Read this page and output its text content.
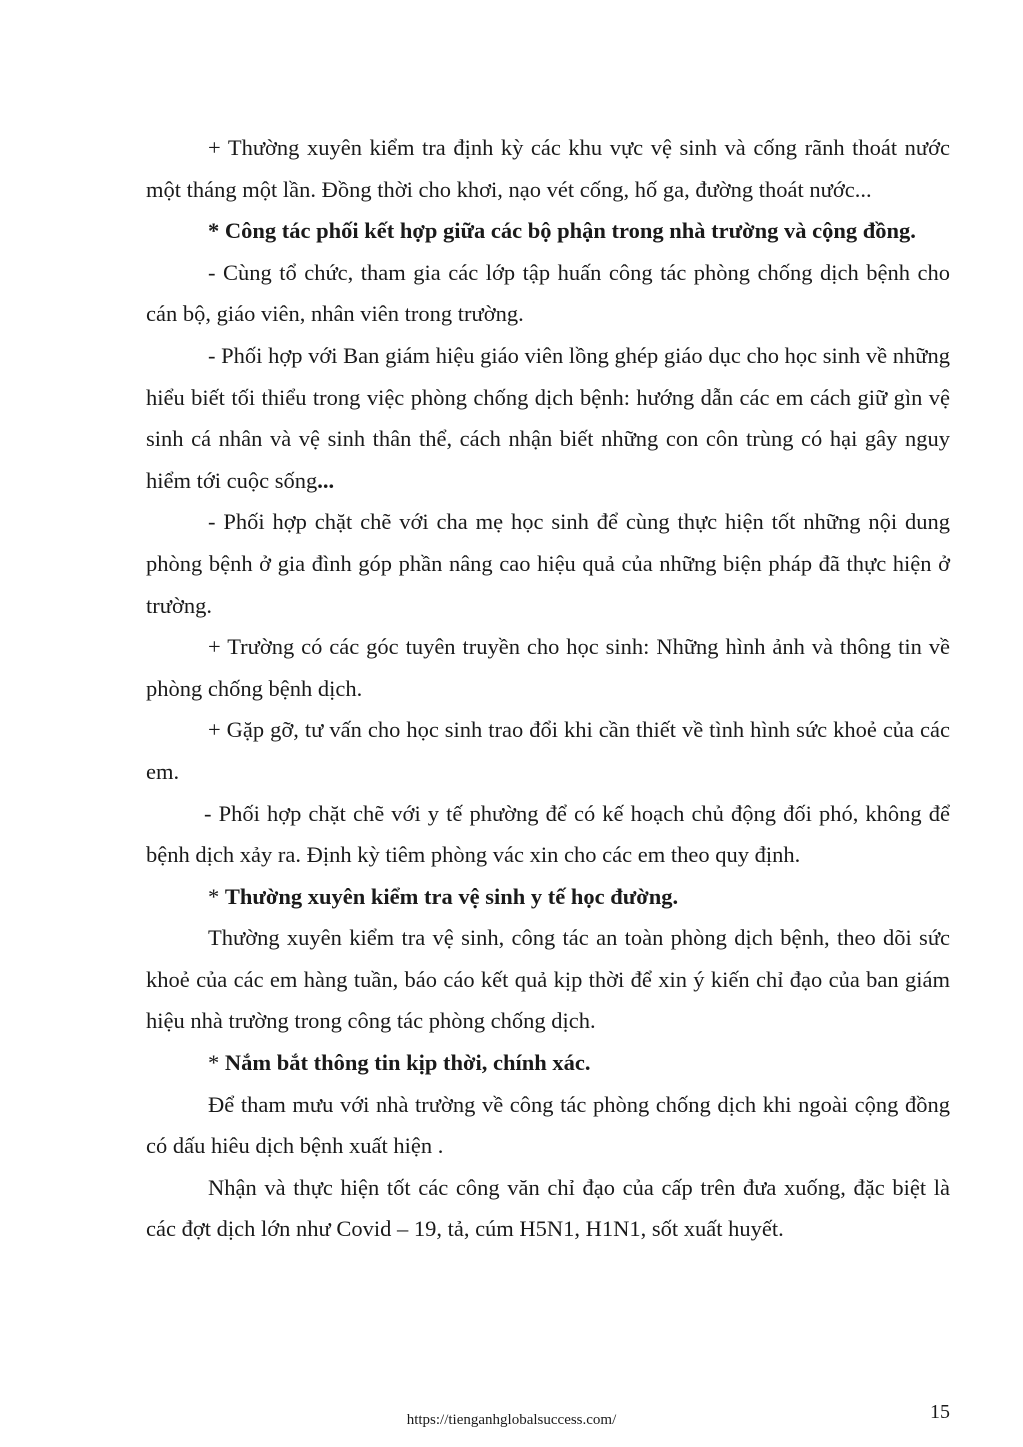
+ Thường xuyên kiểm tra định kỳ các khu vực vệ sinh và cống rãnh thoát nước một tháng một lần. Đồng thời cho khơi, nạo vét cống, hố ga, đường thoát nước...

* Công tác phối kết hợp giữa các bộ phận trong nhà trường và cộng đồng.

- Cùng tổ chức, tham gia các lớp tập huấn công tác phòng chống dịch bệnh cho cán bộ, giáo viên, nhân viên trong trường.

- Phối hợp với Ban giám hiệu giáo viên lồng ghép giáo dục cho học sinh về những hiểu biết tối thiểu trong việc phòng chống dịch bệnh: hướng dẫn các em cách giữ gìn vệ sinh cá nhân và vệ sinh thân thể, cách nhận biết những con côn trùng có hại gây nguy hiểm tới cuộc sống...

- Phối hợp chặt chẽ với cha mẹ học sinh để cùng thực hiện tốt những nội dung phòng bệnh ở gia đình góp phần nâng cao hiệu quả của những biện pháp đã thực hiện ở trường.

+ Trường có các góc tuyên truyền cho học sinh: Những hình ảnh và thông tin về phòng chống bệnh dịch.

+ Gặp gỡ, tư vấn cho học sinh trao đổi khi cần thiết về tình hình sức khoẻ của các em.

- Phối hợp chặt chẽ với y tế phường để có kế hoạch chủ động đối phó, không để bệnh dịch xảy ra. Định kỳ tiêm phòng vác xin cho các em theo quy định.

* Thường xuyên kiểm tra vệ sinh y tế học đường.

Thường xuyên kiểm tra vệ sinh, công tác an toàn phòng dịch bệnh, theo dõi sức khoẻ của các em hàng tuần, báo cáo kết quả kịp thời để xin ý kiến chỉ đạo của ban giám hiệu nhà trường trong công tác phòng chống dịch.

* Nắm bắt thông tin kịp thời, chính xác.

Để tham mưu với nhà trường về công tác phòng chống dịch khi ngoài cộng đồng có dấu hiêu dịch bệnh xuất hiện .

Nhận và thực hiện tốt các công văn chỉ đạo của cấp trên đưa xuống, đặc biệt là các đợt dịch lớn như Covid – 19, tả, cúm H5N1, H1N1, sốt xuất huyết.

https://tienganhglobalsuccess.com/	15
